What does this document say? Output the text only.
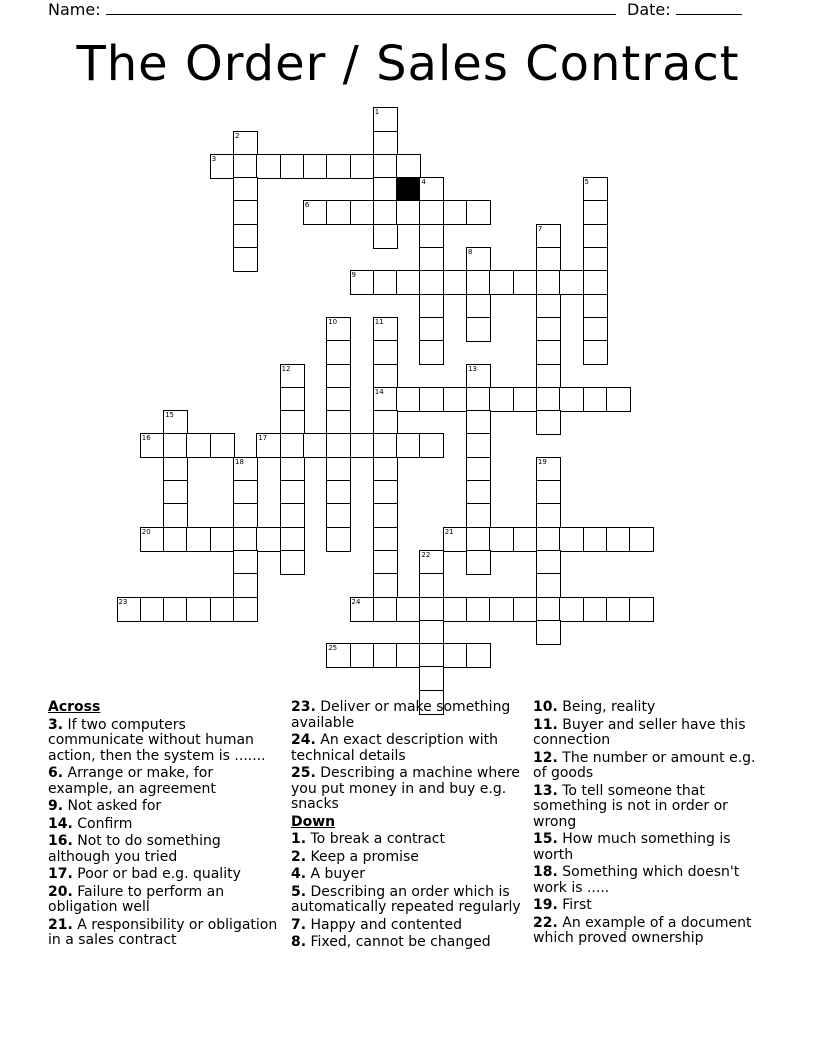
Name:	Date:
The Order / Sales Contract
1
2
3
4	5
6
7
8
9
10	11
12	13
14
15
16	17
18	19
20	21
22
23	24
25
Across
3. If two computers communicate without human action, then the system is .......
6. Arrange or make, for example, an agreement
9. Not asked for
14. Confirm
16. Not to do something although you tried
17. Poor or bad e.g. quality
20. Failure to perform an obligation well
21. A responsibility or obligation in a sales contract
23. Deliver or make something available
24. An exact description with technical details
25. Describing a machine where you put money in and buy e.g. snacks
Down
1. To break a contract
2. Keep a promise
4. A buyer
5. Describing an order which is automatically repeated regularly
7. Happy and contented
8. Fixed, cannot be changed
10. Being, reality
11. Buyer and seller have this connection
12. The number or amount e.g. of goods
13. To tell someone that something is not in order or wrong
15. How much something is worth
18. Something which doesn't work is .....
19. First
22. An example of a document which proved ownership
